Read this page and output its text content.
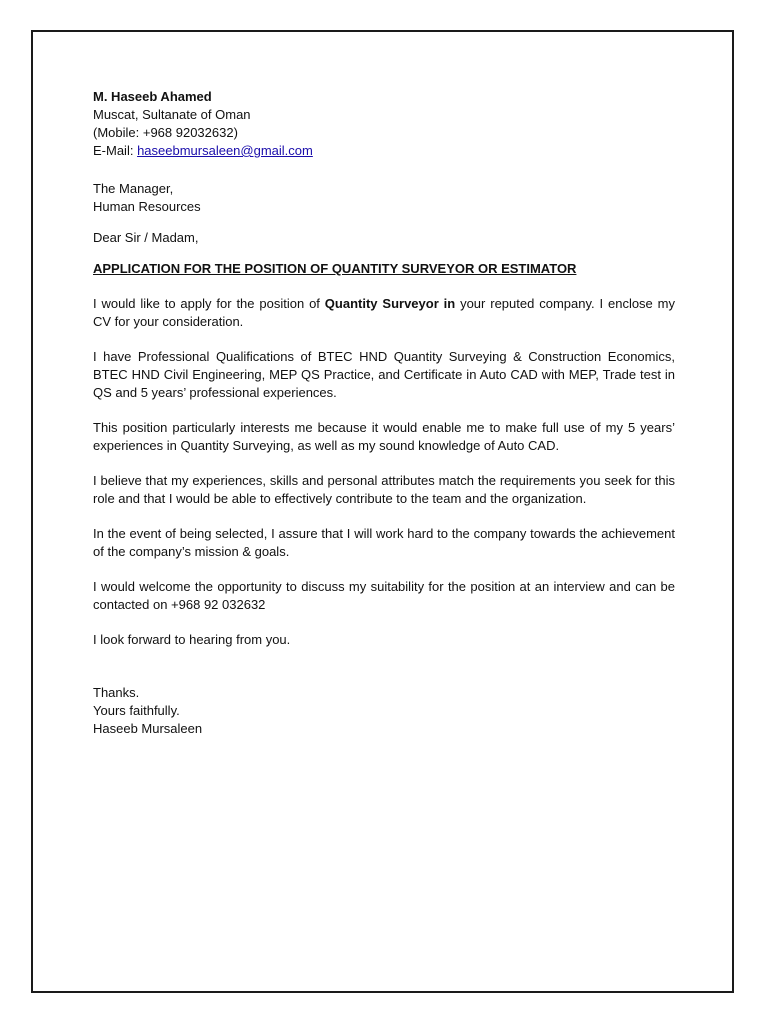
M. Haseeb Ahamed
Muscat, Sultanate of Oman
(Mobile: +968 92032632)
E-Mail: haseebmursaleen@gmail.com
The Manager,
Human Resources
Dear Sir / Madam,
APPLICATION FOR THE POSITION OF QUANTITY SURVEYOR OR ESTIMATOR

I would like to apply for the position of Quantity Surveyor in your reputed company. I enclose my CV for your consideration.

I have Professional Qualifications of BTEC HND Quantity Surveying & Construction Economics, BTEC HND Civil Engineering, MEP QS Practice, and Certificate in Auto CAD with MEP, Trade test in QS and 5 years’ professional experiences.

This position particularly interests me because it would enable me to make full use of my 5 years’ experiences in Quantity Surveying, as well as my sound knowledge of Auto CAD.

I believe that my experiences, skills and personal attributes match the requirements you seek for this role and that I would be able to effectively contribute to the team and the organization.

In the event of being selected, I assure that I will work hard to the company towards the achievement of the company’s mission & goals.

I would welcome the opportunity to discuss my suitability for the position at an interview and can be contacted on +968 92 032632

I look forward to hearing from you.

Thanks.
Yours faithfully.
Haseeb Mursaleen
